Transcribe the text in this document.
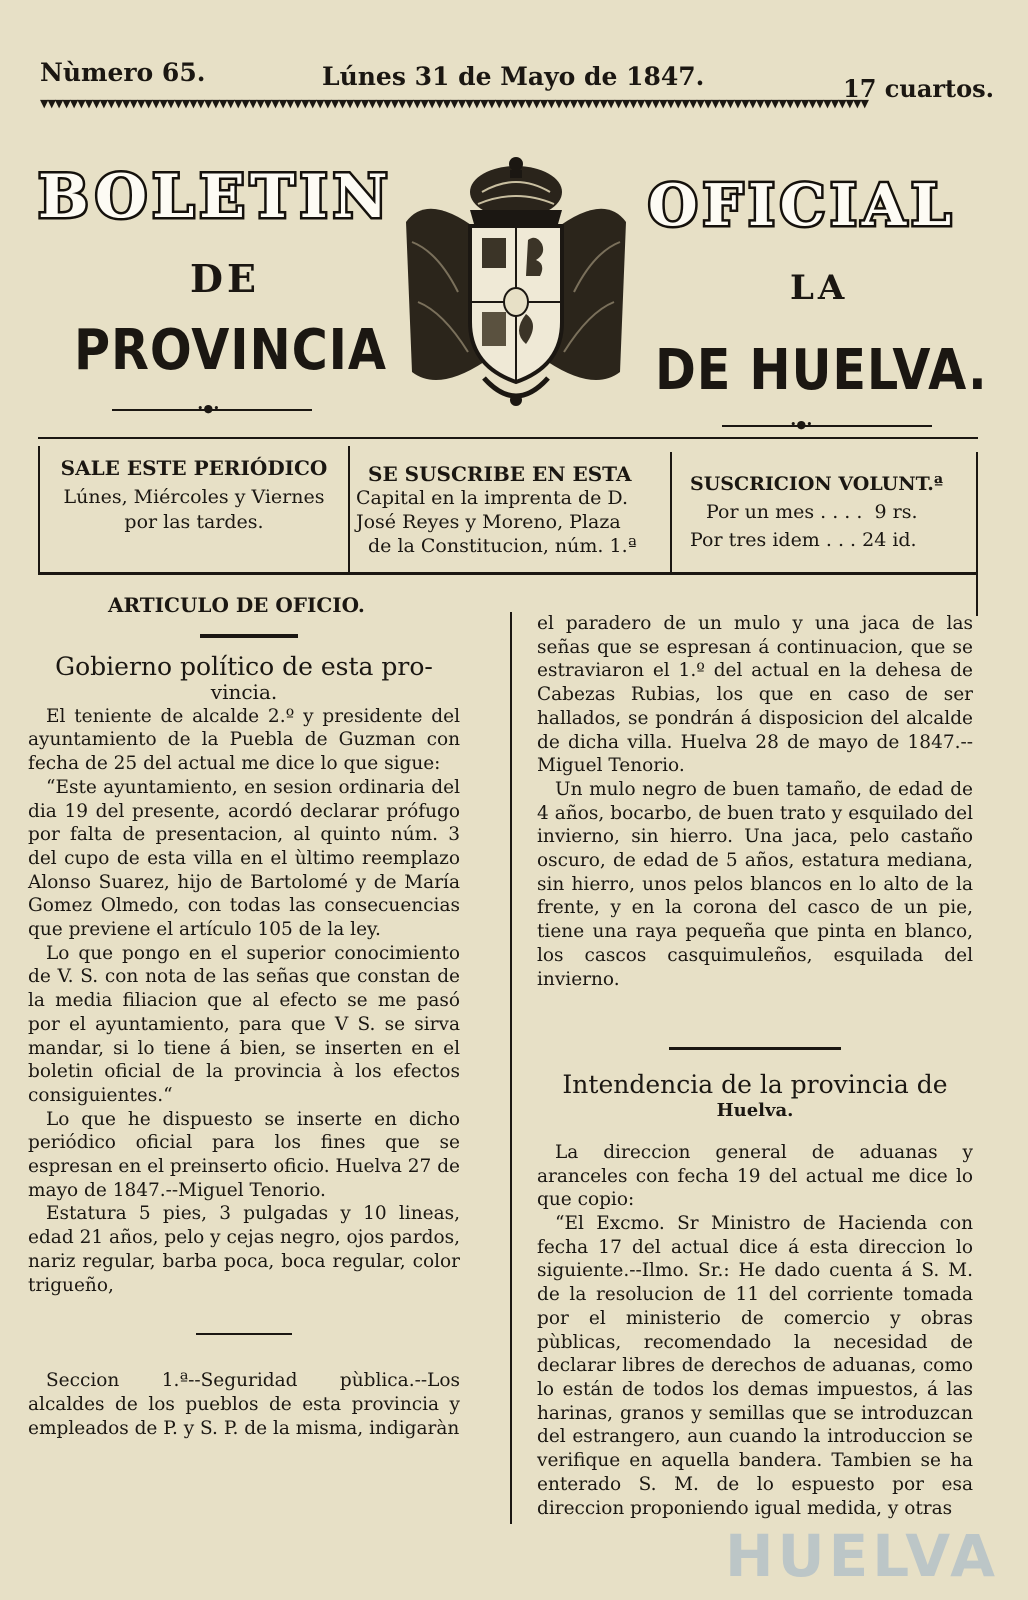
Nùmero 65.	Lúnes 31 de Mayo de 1847.	17 cuartos.
▼▼▼▼▼▼▼▼▼▼▼▼▼▼▼▼▼▼▼▼▼▼▼▼▼▼▼▼▼▼▼▼▼▼▼▼▼▼▼▼▼▼▼▼▼▼▼▼▼▼▼▼▼▼▼▼▼▼▼▼▼▼▼▼▼▼▼▼▼▼▼▼▼▼▼▼▼▼▼▼▼▼▼▼▼▼▼▼▼▼▼▼▼▼▼▼▼▼▼▼▼▼▼▼▼▼▼▼▼▼▼
BOLETIN	OFICIAL
DE	LA
PROVINCIA	DE HUELVA.
•●•
•●•
SALE ESTE PERIÓDICO
Lúnes, Miércoles y Viernes
por las tardes.
SE SUSCRIBE EN ESTA
Capital en la imprenta de D.
José Reyes y Moreno, Plaza
de la Constitucion, núm. 1.ª
SUSCRICION VOLUNT.ª
Por un mes . . . .  9 rs.
Por tres idem . . . 24 id.
ARTICULO DE OFICIO.

Gobierno político de esta pro-

vincia.

El teniente de alcalde 2.º y presidente del ayuntamiento de la Puebla de Guzman con fecha de 25 del actual me dice lo que sigue:

“Este ayuntamiento, en sesion ordinaria del dia 19 del presente, acordó declarar prófugo por falta de presentacion, al quinto núm. 3 del cupo de esta villa en el ùltimo reemplazo Alonso Suarez, hijo de Bartolomé y de María Gomez Olmedo, con todas las consecuencias que previene el artículo 105 de la ley.

Lo que pongo en el superior conocimiento de V. S. con nota de las señas que constan de la media filiacion que al efecto se me pasó por el ayuntamiento, para que V S. se sirva mandar, si lo tiene á bien, se inserten en el boletin oficial de la provincia à los efectos consiguientes.“

Lo que he dispuesto se inserte en dicho periódico oficial para los fines que se espresan en el preinserto oficio. Huelva 27 de mayo de 1847.--Miguel Tenorio.

Estatura 5 pies, 3 pulgadas y 10 lineas, edad 21 años, pelo y cejas negro, ojos pardos, nariz regular, barba poca, boca regular, color trigueño,

Seccion 1.ª--Seguridad pùblica.--Los alcaldes de los pueblos de esta provincia y empleados de P. y S. P. de la misma, indigaràn

el paradero de un mulo y una jaca de las señas que se espresan á continuacion, que se estraviaron el 1.º del actual en la dehesa de Cabezas Rubias, los que en caso de ser hallados, se pondrán á disposicion del alcalde de dicha villa. Huelva 28 de mayo de 1847.--Miguel Tenorio.

Un mulo negro de buen tamaño, de edad de 4 años, bocarbo, de buen trato y esquilado del invierno, sin hierro. Una jaca, pelo castaño oscuro, de edad de 5 años, estatura mediana, sin hierro, unos pelos blancos en lo alto de la frente, y en la corona del casco de un pie, tiene una raya pequeña que pinta en blanco, los cascos casquimuleños, esquilada del invierno.

Intendencia de la provincia de

Huelva.

La direccion general de aduanas y aranceles con fecha 19 del actual me dice lo que copio:

“El Excmo. Sr Ministro de Hacienda con fecha 17 del actual dice á esta direccion lo siguiente.--Ilmo. Sr.: He dado cuenta á S. M. de la resolucion de 11 del corriente tomada por el ministerio de comercio y obras pùblicas, recomendado la necesidad de declarar libres de derechos de aduanas, como lo están de todos los demas impuestos, á las harinas, granos y semillas que se introduzcan del estrangero, aun cuando la introduccion se verifique en aquella bandera. Tambien se ha enterado S. M. de lo espuesto por esa direccion proponiendo igual medida, y otras

HUELVA
